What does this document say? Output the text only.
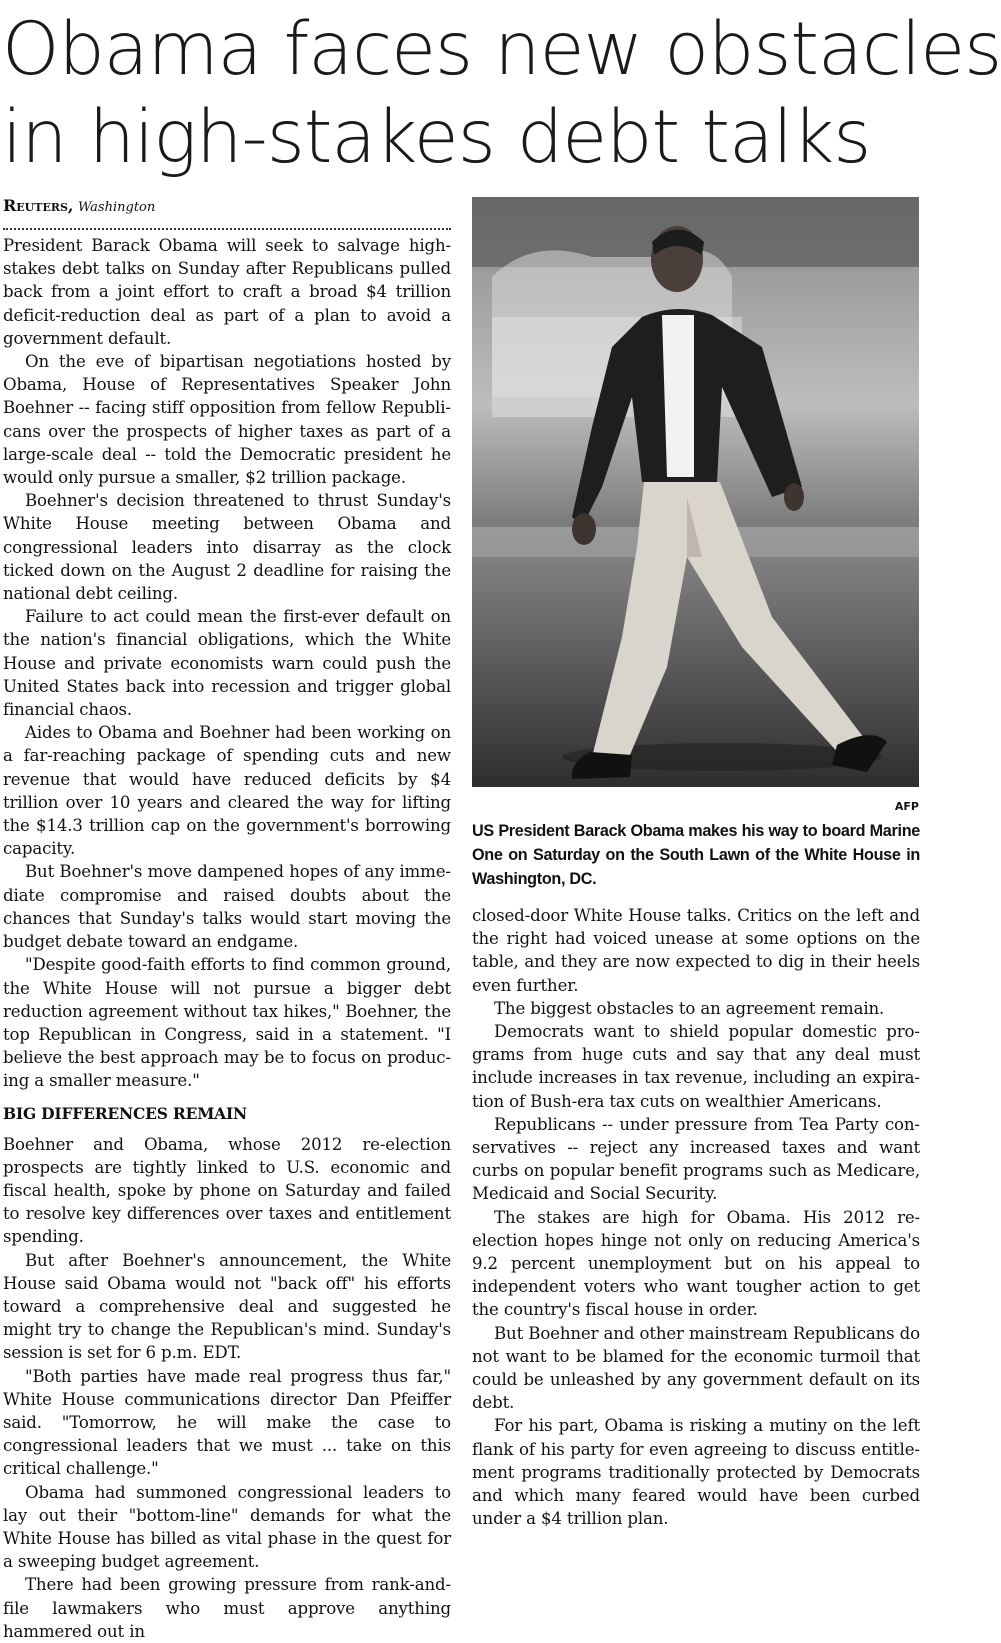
Obama faces new obstacles
in high-stakes debt talks
Reuters, Washington

President Barack Obama will seek to salvage high-stakes debt talks on Sunday after Republicans pulled back from a joint effort to craft a broad $4 trillion deficit-reduction deal as part of a plan to avoid a government default.

On the eve of bipartisan negotiations hosted by Obama, House of Representatives Speaker John Boehner -- facing stiff opposition from fellow Republicans over the prospects of higher taxes as part of a large-scale deal -- told the Democratic president he would only pursue a smaller, $2 trillion package.

Boehner's decision threatened to thrust Sunday's White House meeting between Obama and congressional leaders into disarray as the clock ticked down on the August 2 deadline for raising the national debt ceiling.

Failure to act could mean the first-ever default on the nation's financial obligations, which the White House and private economists warn could push the United States back into recession and trigger global financial chaos.

Aides to Obama and Boehner had been working on a far-reaching package of spending cuts and new revenue that would have reduced deficits by $4 trillion over 10 years and cleared the way for lifting the $14.3 trillion cap on the government's borrowing capacity.

But Boehner's move dampened hopes of any immediate compromise and raised doubts about the chances that Sunday's talks would start moving the budget debate toward an endgame.

"Despite good-faith efforts to find common ground, the White House will not pursue a bigger debt reduction agreement without tax hikes," Boehner, the top Republican in Congress, said in a statement. "I believe the best approach may be to focus on producing a smaller measure."

BIG DIFFERENCES REMAIN

Boehner and Obama, whose 2012 re-election prospects are tightly linked to U.S. economic and fiscal health, spoke by phone on Saturday and failed to resolve key differences over taxes and entitlement spending.

But after Boehner's announcement, the White House said Obama would not "back off" his efforts toward a comprehensive deal and suggested he might try to change the Republican's mind. Sunday's session is set for 6 p.m. EDT.

"Both parties have made real progress thus far," White House communications director Dan Pfeiffer said. "Tomorrow, he will make the case to congressional leaders that we must ... take on this critical challenge."

Obama had summoned congressional leaders to lay out their "bottom-line" demands for what the White House has billed as vital phase in the quest for a sweeping budget agreement.

There had been growing pressure from rank-and-file lawmakers who must approve anything hammered out in

AFP

US President Barack Obama makes his way to board Marine One on Saturday on the South Lawn of the White House in Washington, DC.

closed-door White House talks. Critics on the left and the right had voiced unease at some options on the table, and they are now expected to dig in their heels even further.

The biggest obstacles to an agreement remain.

Democrats want to shield popular domestic programs from huge cuts and say that any deal must include increases in tax revenue, including an expiration of Bush-era tax cuts on wealthier Americans.

Republicans -- under pressure from Tea Party conservatives -- reject any increased taxes and want curbs on popular benefit programs such as Medicare, Medicaid and Social Security.

The stakes are high for Obama. His 2012 re-election hopes hinge not only on reducing America's 9.2 percent unemployment but on his appeal to independent voters who want tougher action to get the country's fiscal house in order.

But Boehner and other mainstream Republicans do not want to be blamed for the economic turmoil that could be unleashed by any government default on its debt.

For his part, Obama is risking a mutiny on the left flank of his party for even agreeing to discuss entitlement programs traditionally protected by Democrats and which many feared would have been curbed under a $4 trillion plan.
